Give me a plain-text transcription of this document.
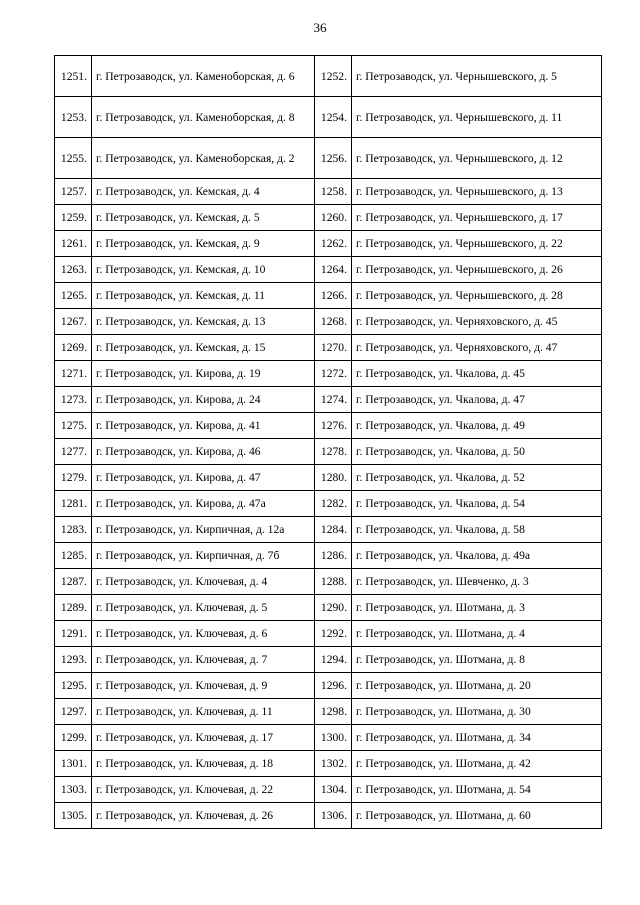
36
1251.	г. Петрозаводск, ул. Каменоборская, д. 6	1252.	г. Петрозаводск, ул. Чернышевского, д. 5
1253.	г. Петрозаводск, ул. Каменоборская, д. 8	1254.	г. Петрозаводск, ул. Чернышевского, д. 11
1255.	г. Петрозаводск, ул. Каменоборская, д. 2	1256.	г. Петрозаводск, ул. Чернышевского, д. 12
1257.	г. Петрозаводск, ул. Кемская, д. 4	1258.	г. Петрозаводск, ул. Чернышевского, д. 13
1259.	г. Петрозаводск, ул. Кемская, д. 5	1260.	г. Петрозаводск, ул. Чернышевского, д. 17
1261.	г. Петрозаводск, ул. Кемская, д. 9	1262.	г. Петрозаводск, ул. Чернышевского, д. 22
1263.	г. Петрозаводск, ул. Кемская, д. 10	1264.	г. Петрозаводск, ул. Чернышевского, д. 26
1265.	г. Петрозаводск, ул. Кемская, д. 11	1266.	г. Петрозаводск, ул. Чернышевского, д. 28
1267.	г. Петрозаводск, ул. Кемская, д. 13	1268.	г. Петрозаводск, ул. Черняховского, д. 45
1269.	г. Петрозаводск, ул. Кемская, д. 15	1270.	г. Петрозаводск, ул. Черняховского, д. 47
1271.	г. Петрозаводск, ул. Кирова, д. 19	1272.	г. Петрозаводск, ул. Чкалова, д. 45
1273.	г. Петрозаводск, ул. Кирова, д. 24	1274.	г. Петрозаводск, ул. Чкалова, д. 47
1275.	г. Петрозаводск, ул. Кирова, д. 41	1276.	г. Петрозаводск, ул. Чкалова, д. 49
1277.	г. Петрозаводск, ул. Кирова, д. 46	1278.	г. Петрозаводск, ул. Чкалова, д. 50
1279.	г. Петрозаводск, ул. Кирова, д. 47	1280.	г. Петрозаводск, ул. Чкалова, д. 52
1281.	г. Петрозаводск, ул. Кирова, д. 47а	1282.	г. Петрозаводск, ул. Чкалова, д. 54
1283.	г. Петрозаводск, ул. Кирпичная, д. 12а	1284.	г. Петрозаводск, ул. Чкалова, д. 58
1285.	г. Петрозаводск, ул. Кирпичная, д. 7б	1286.	г. Петрозаводск, ул. Чкалова, д. 49а
1287.	г. Петрозаводск, ул. Ключевая, д. 4	1288.	г. Петрозаводск, ул. Шевченко, д. 3
1289.	г. Петрозаводск, ул. Ключевая, д. 5	1290.	г. Петрозаводск, ул. Шотмана, д. 3
1291.	г. Петрозаводск, ул. Ключевая, д. 6	1292.	г. Петрозаводск, ул. Шотмана, д. 4
1293.	г. Петрозаводск, ул. Ключевая, д. 7	1294.	г. Петрозаводск, ул. Шотмана, д. 8
1295.	г. Петрозаводск, ул. Ключевая, д. 9	1296.	г. Петрозаводск, ул. Шотмана, д. 20
1297.	г. Петрозаводск, ул. Ключевая, д. 11	1298.	г. Петрозаводск, ул. Шотмана, д. 30
1299.	г. Петрозаводск, ул. Ключевая, д. 17	1300.	г. Петрозаводск, ул. Шотмана, д. 34
1301.	г. Петрозаводск, ул. Ключевая, д. 18	1302.	г. Петрозаводск, ул. Шотмана, д. 42
1303.	г. Петрозаводск, ул. Ключевая, д. 22	1304.	г. Петрозаводск, ул. Шотмана, д. 54
1305.	г. Петрозаводск, ул. Ключевая, д. 26	1306.	г. Петрозаводск, ул. Шотмана, д. 60
